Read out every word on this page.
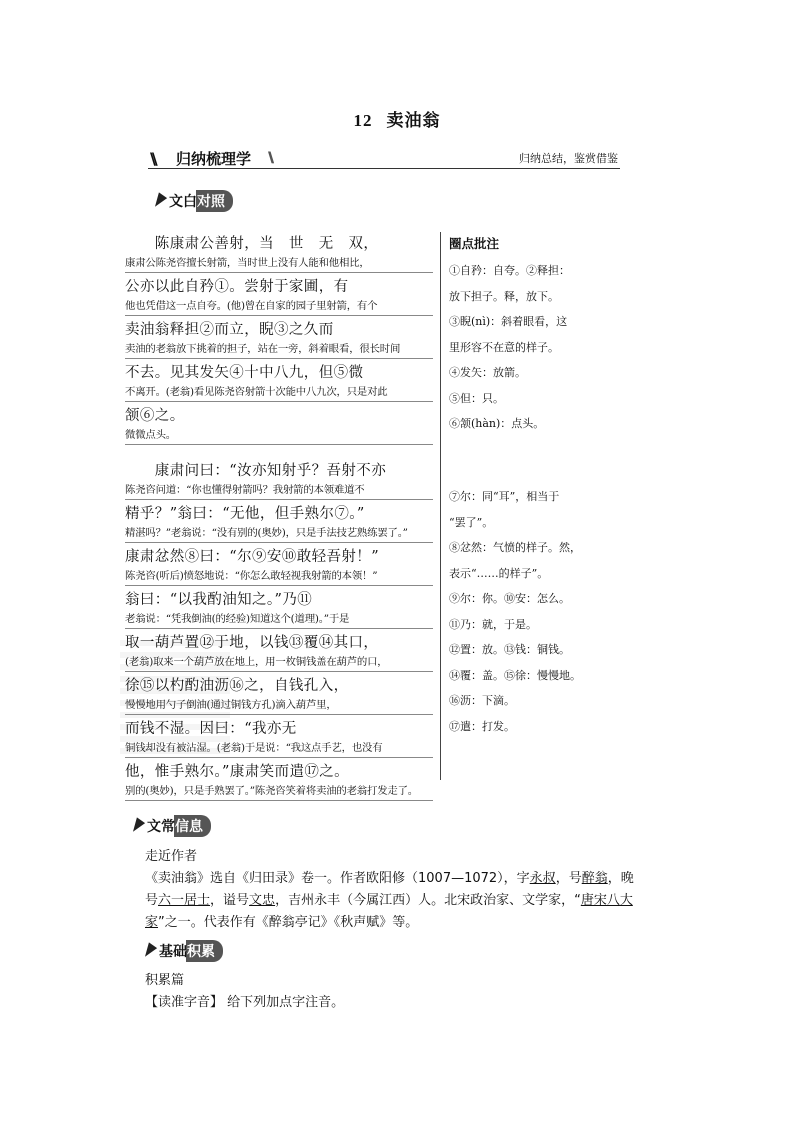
12 卖油翁
\\ 归纳梳理学 \\\	归纳总结，鉴赏借鉴
文白对照
　　陈康肃公善射，当　世　无　双，
康肃公陈尧咨擅长射箭，当时世上没有人能和他相比，
公亦以此自矜①。尝射于家圃，有
他也凭借这一点自夸。(他)曾在自家的园子里射箭，有个
卖油翁释担②而立，睨③之久而
卖油的老翁放下挑着的担子，站在一旁，斜着眼看，很长时间
不去。见其发矢④十中八九，但⑤微
不离开。(老翁)看见陈尧咨射箭十次能中八九次，只是对此
颔⑥之。
微微点头。
　　康肃问曰：“汝亦知射乎？吾射不亦
陈尧咨问道：“你也懂得射箭吗？我射箭的本领难道不
精乎？”翁曰：“无他，但手熟尔⑦。”
精湛吗？”老翁说：“没有别的(奥妙)，只是手法技艺熟练罢了。”
康肃忿然⑧曰：“尔⑨安⑩敢轻吾射！”
陈尧咨(听后)愤怒地说：“你怎么敢轻视我射箭的本领！”
翁曰：“以我酌油知之。”乃⑪
老翁说：“凭我倒油(的经验)知道这个(道理)。”于是
取一葫芦置⑫于地，以钱⑬覆⑭其口，
(老翁)取来一个葫芦放在地上，用一枚铜钱盖在葫芦的口，
徐⑮以杓酌油沥⑯之，自钱孔入，
慢慢地用勺子倒油(通过铜钱方孔)滴入葫芦里，
而钱不湿。因曰：“我亦无
铜钱却没有被沾湿。(老翁)于是说：“我这点手艺，也没有
他，惟手熟尔。”康肃笑而遣⑰之。
别的(奥妙)，只是手熟罢了。”陈尧咨笑着将卖油的老翁打发走了。
圈点批注
①自矜：自夸。②释担：
放下担子。释，放下。
③睨(nì)：斜着眼看，这
里形容不在意的样子。
④发矢：放箭。
⑤但：只。
⑥颔(hàn)：点头。
⑦尔：同“耳”，相当于
“罢了”。
⑧忿然：气愤的样子。然，
表示“……的样子”。
⑨尔：你。⑩安：怎么。
⑪乃：就，于是。
⑫置：放。⑬钱：铜钱。
⑭覆：盖。⑮徐：慢慢地。
⑯沥：下滴。
⑰遣：打发。
文常信息
走近作者
《卖油翁》选自《归田录》卷一。作者欧阳修（1007—1072），字永叔，号醉翁，晚号六一居士，谥号文忠，吉州永丰（今属江西）人。北宋政治家、文学家，“唐宋八大家”之一。代表作有《醉翁亭记》《秋声赋》等。
基础积累
积累篇
【读准字音】 给下列加点字注音。
